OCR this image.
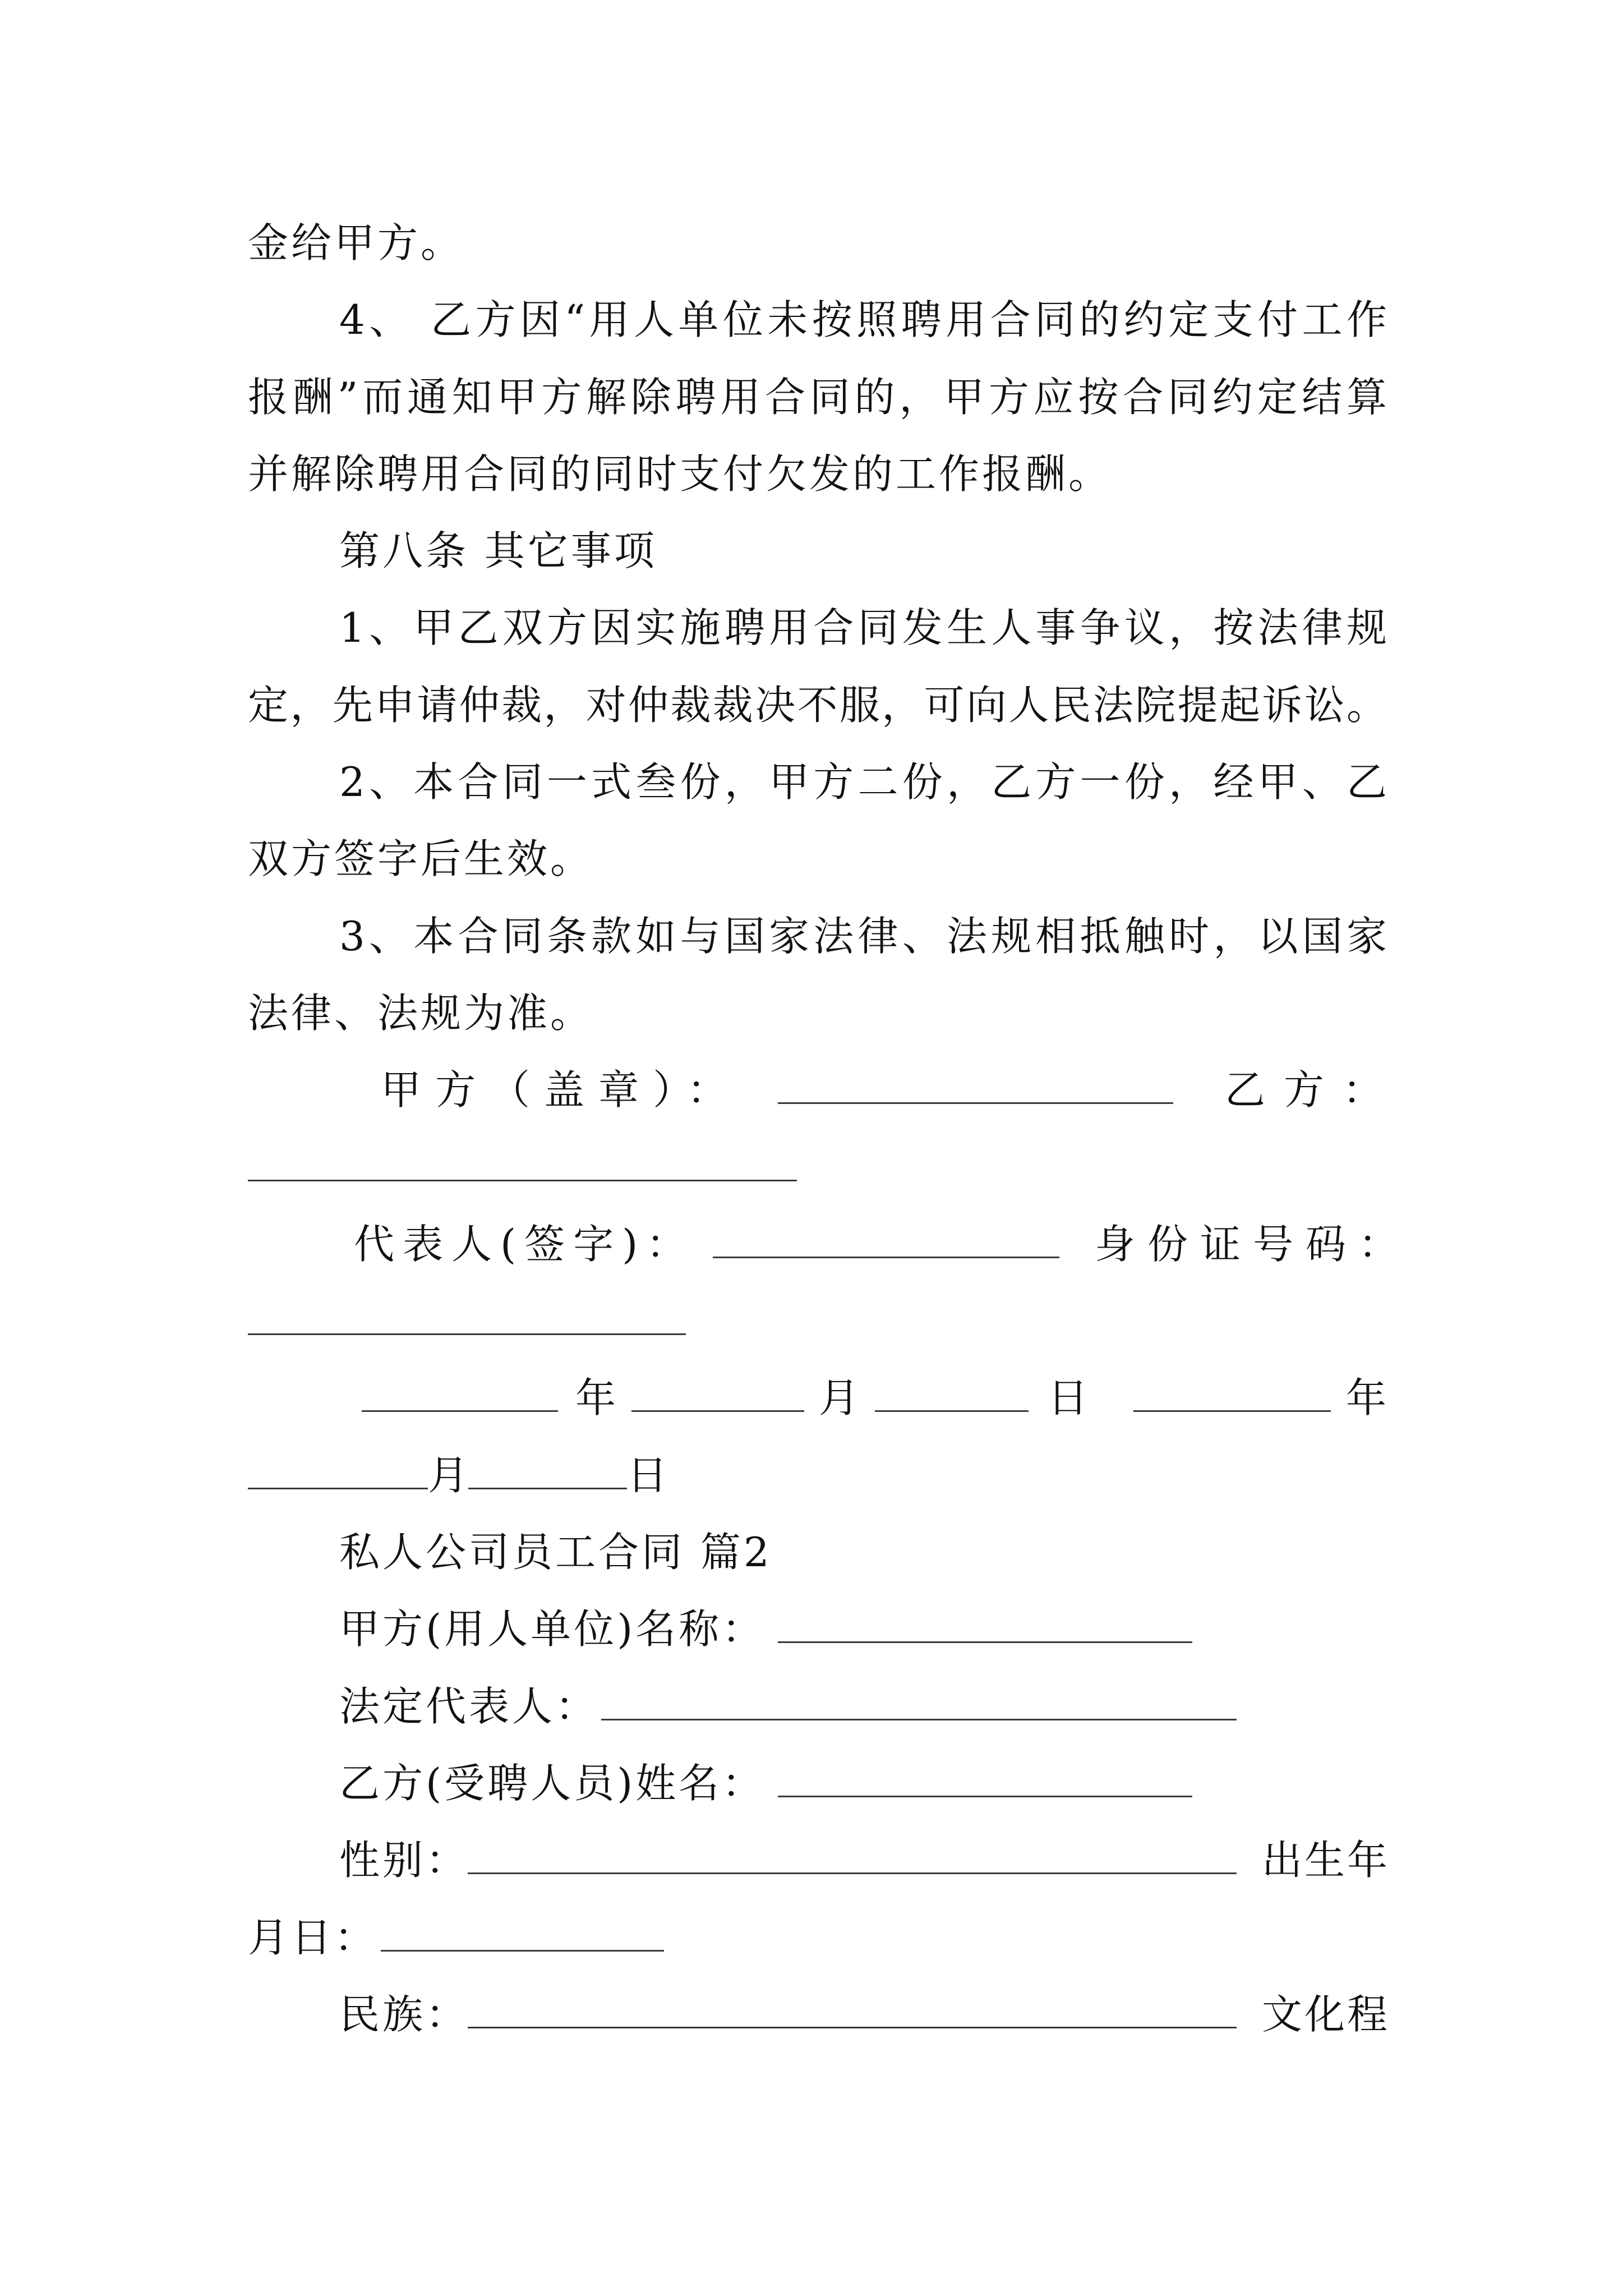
金给甲方。
4、 乙方因“用人单位未按照聘用合同的约定支付工作
报酬”而通知甲方解除聘用合同的，甲方应按合同约定结算
并解除聘用合同的同时支付欠发的工作报酬。
第八条 其它事项
1、甲乙双方因实施聘用合同发生人事争议，按法律规
定，先申请仲裁，对仲裁裁决不服，可向人民法院提起诉讼。
2、本合同一式叁份，甲方二份，乙方一份，经甲、乙
双方签字后生效。
3、本合同条款如与国家法律、法规相抵触时，以国家
法律、法规为准。
甲方（盖章）：	乙方：
代表人(签字)：	身份证号码：
年	月	日	年
月	日
私人公司员工合同 篇2
甲方(用人单位)名称：
法定代表人：
乙方(受聘人员)姓名：
性别：	出生年
月日：
民族：	文化程
